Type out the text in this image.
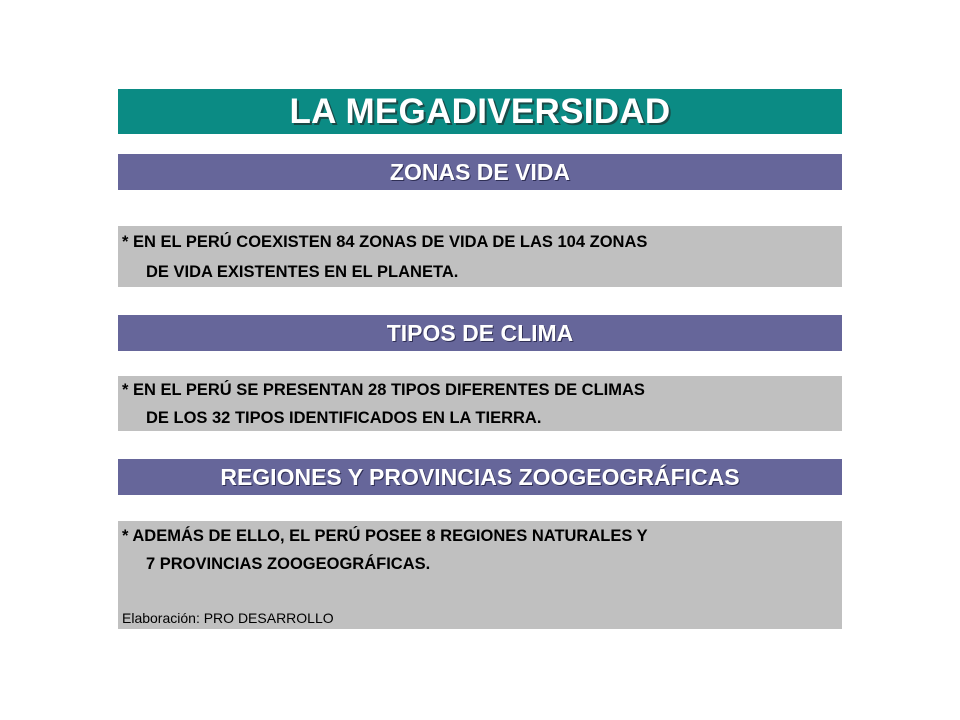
LA MEGADIVERSIDAD
ZONAS DE VIDA
* EN EL PERÚ COEXISTEN 84 ZONAS DE VIDA DE LAS 104 ZONAS
DE VIDA EXISTENTES EN EL PLANETA.
TIPOS DE CLIMA
* EN EL PERÚ SE PRESENTAN 28 TIPOS DIFERENTES DE CLIMAS
DE LOS 32 TIPOS IDENTIFICADOS EN LA TIERRA.
REGIONES Y PROVINCIAS ZOOGEOGRÁFICAS
* ADEMÁS DE ELLO, EL PERÚ POSEE 8 REGIONES NATURALES Y
7 PROVINCIAS ZOOGEOGRÁFICAS.
Elaboración: PRO DESARROLLO
